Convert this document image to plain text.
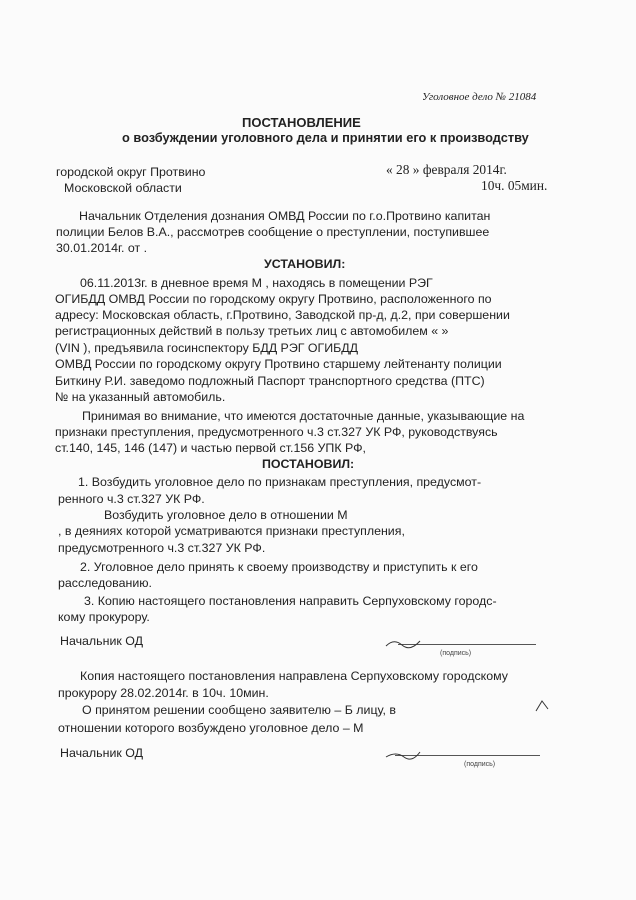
Уголовное дело № 21084
ПОСТАНОВЛЕНИЕ
о возбуждении уголовного дела и принятии его к производству
городской округ Протвино
Московской области
« 28 » февраля 2014г.
10ч. 05мин.
Начальник Отделения дознания ОМВД России по г.о.Протвино капитан
полиции Белов В.А., рассмотрев сообщение о преступлении, поступившее
30.01.2014г. от .
УСТАНОВИЛ:
06.11.2013г. в дневное время М , находясь в помещении РЭГ
ОГИБДД ОМВД России по городскому округу Протвино, расположенного по
адресу: Московская область, г.Протвино, Заводской пр-д, д.2, при совершении
регистрационных действий в пользу третьих лиц с автомобилем « »
(VIN ), предъявила госинспектору БДД РЭГ ОГИБДД
ОМВД России по городскому округу Протвино старшему лейтенанту полиции
Биткину Р.И. заведомо подложный Паспорт транспортного средства (ПТС)
№ на указанный автомобиль.
Принимая во внимание, что имеются достаточные данные, указывающие на
признаки преступления, предусмотренного ч.3 ст.327 УК РФ, руководствуясь
ст.140, 145, 146 (147) и частью первой ст.156 УПК РФ,
ПОСТАНОВИЛ:
1. Возбудить уголовное дело по признакам преступления, предусмот-
ренного ч.3 ст.327 УК РФ.
Возбудить уголовное дело в отношении М
, в деяниях которой усматриваются признаки преступления,
предусмотренного ч.3 ст.327 УК РФ.
2. Уголовное дело принять к своему производству и приступить к его
расследованию.
3. Копию настоящего постановления направить Серпуховскому городс-
кому прокурору.
Начальник ОД
(подпись)
Копия настоящего постановления направлена Серпуховскому городскому
прокурору 28.02.2014г. в 10ч. 10мин.
О принятом решении сообщено заявителю – Б лицу, в
отношении которого возбуждено уголовное дело – М
Начальник ОД
(подпись)
